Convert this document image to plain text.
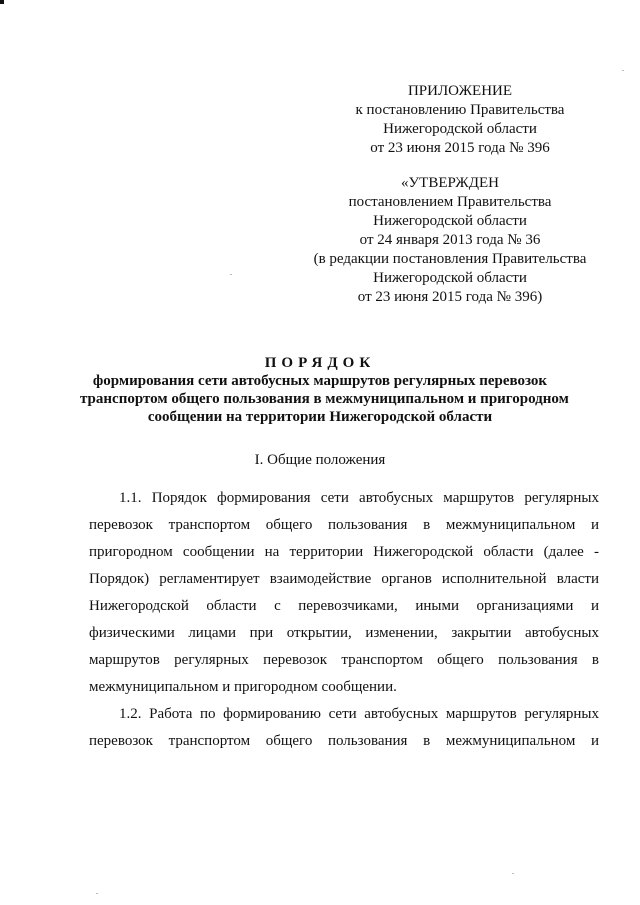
ПРИЛОЖЕНИЕ
к постановлению Правительства
Нижегородской области
от 23 июня 2015 года № 396
«УТВЕРЖДЕН
постановлением Правительства
Нижегородской области
от 24 января 2013 года № 36
(в редакции постановления Правительства
Нижегородской области
от 23 июня 2015 года № 396)
ПОРЯДОК
формирования сети автобусных маршрутов регулярных перевозок
транспортом общего пользования в межмуниципальном и пригородном
сообщении на территории Нижегородской области
I. Общие положения
1.1. Порядок формирования сети автобусных маршрутов регулярных
перевозок транспортом общего пользования в межмуниципальном и
пригородном сообщении на территории Нижегородской области (далее -
Порядок) регламентирует взаимодействие органов исполнительной власти
Нижегородской области с перевозчиками, иными организациями и
физическими лицами при открытии, изменении, закрытии автобусных
маршрутов регулярных перевозок транспортом общего пользования в
межмуниципальном и пригородном сообщении.
1.2. Работа по формированию сети автобусных маршрутов регулярных
перевозок транспортом общего пользования в межмуниципальном и
